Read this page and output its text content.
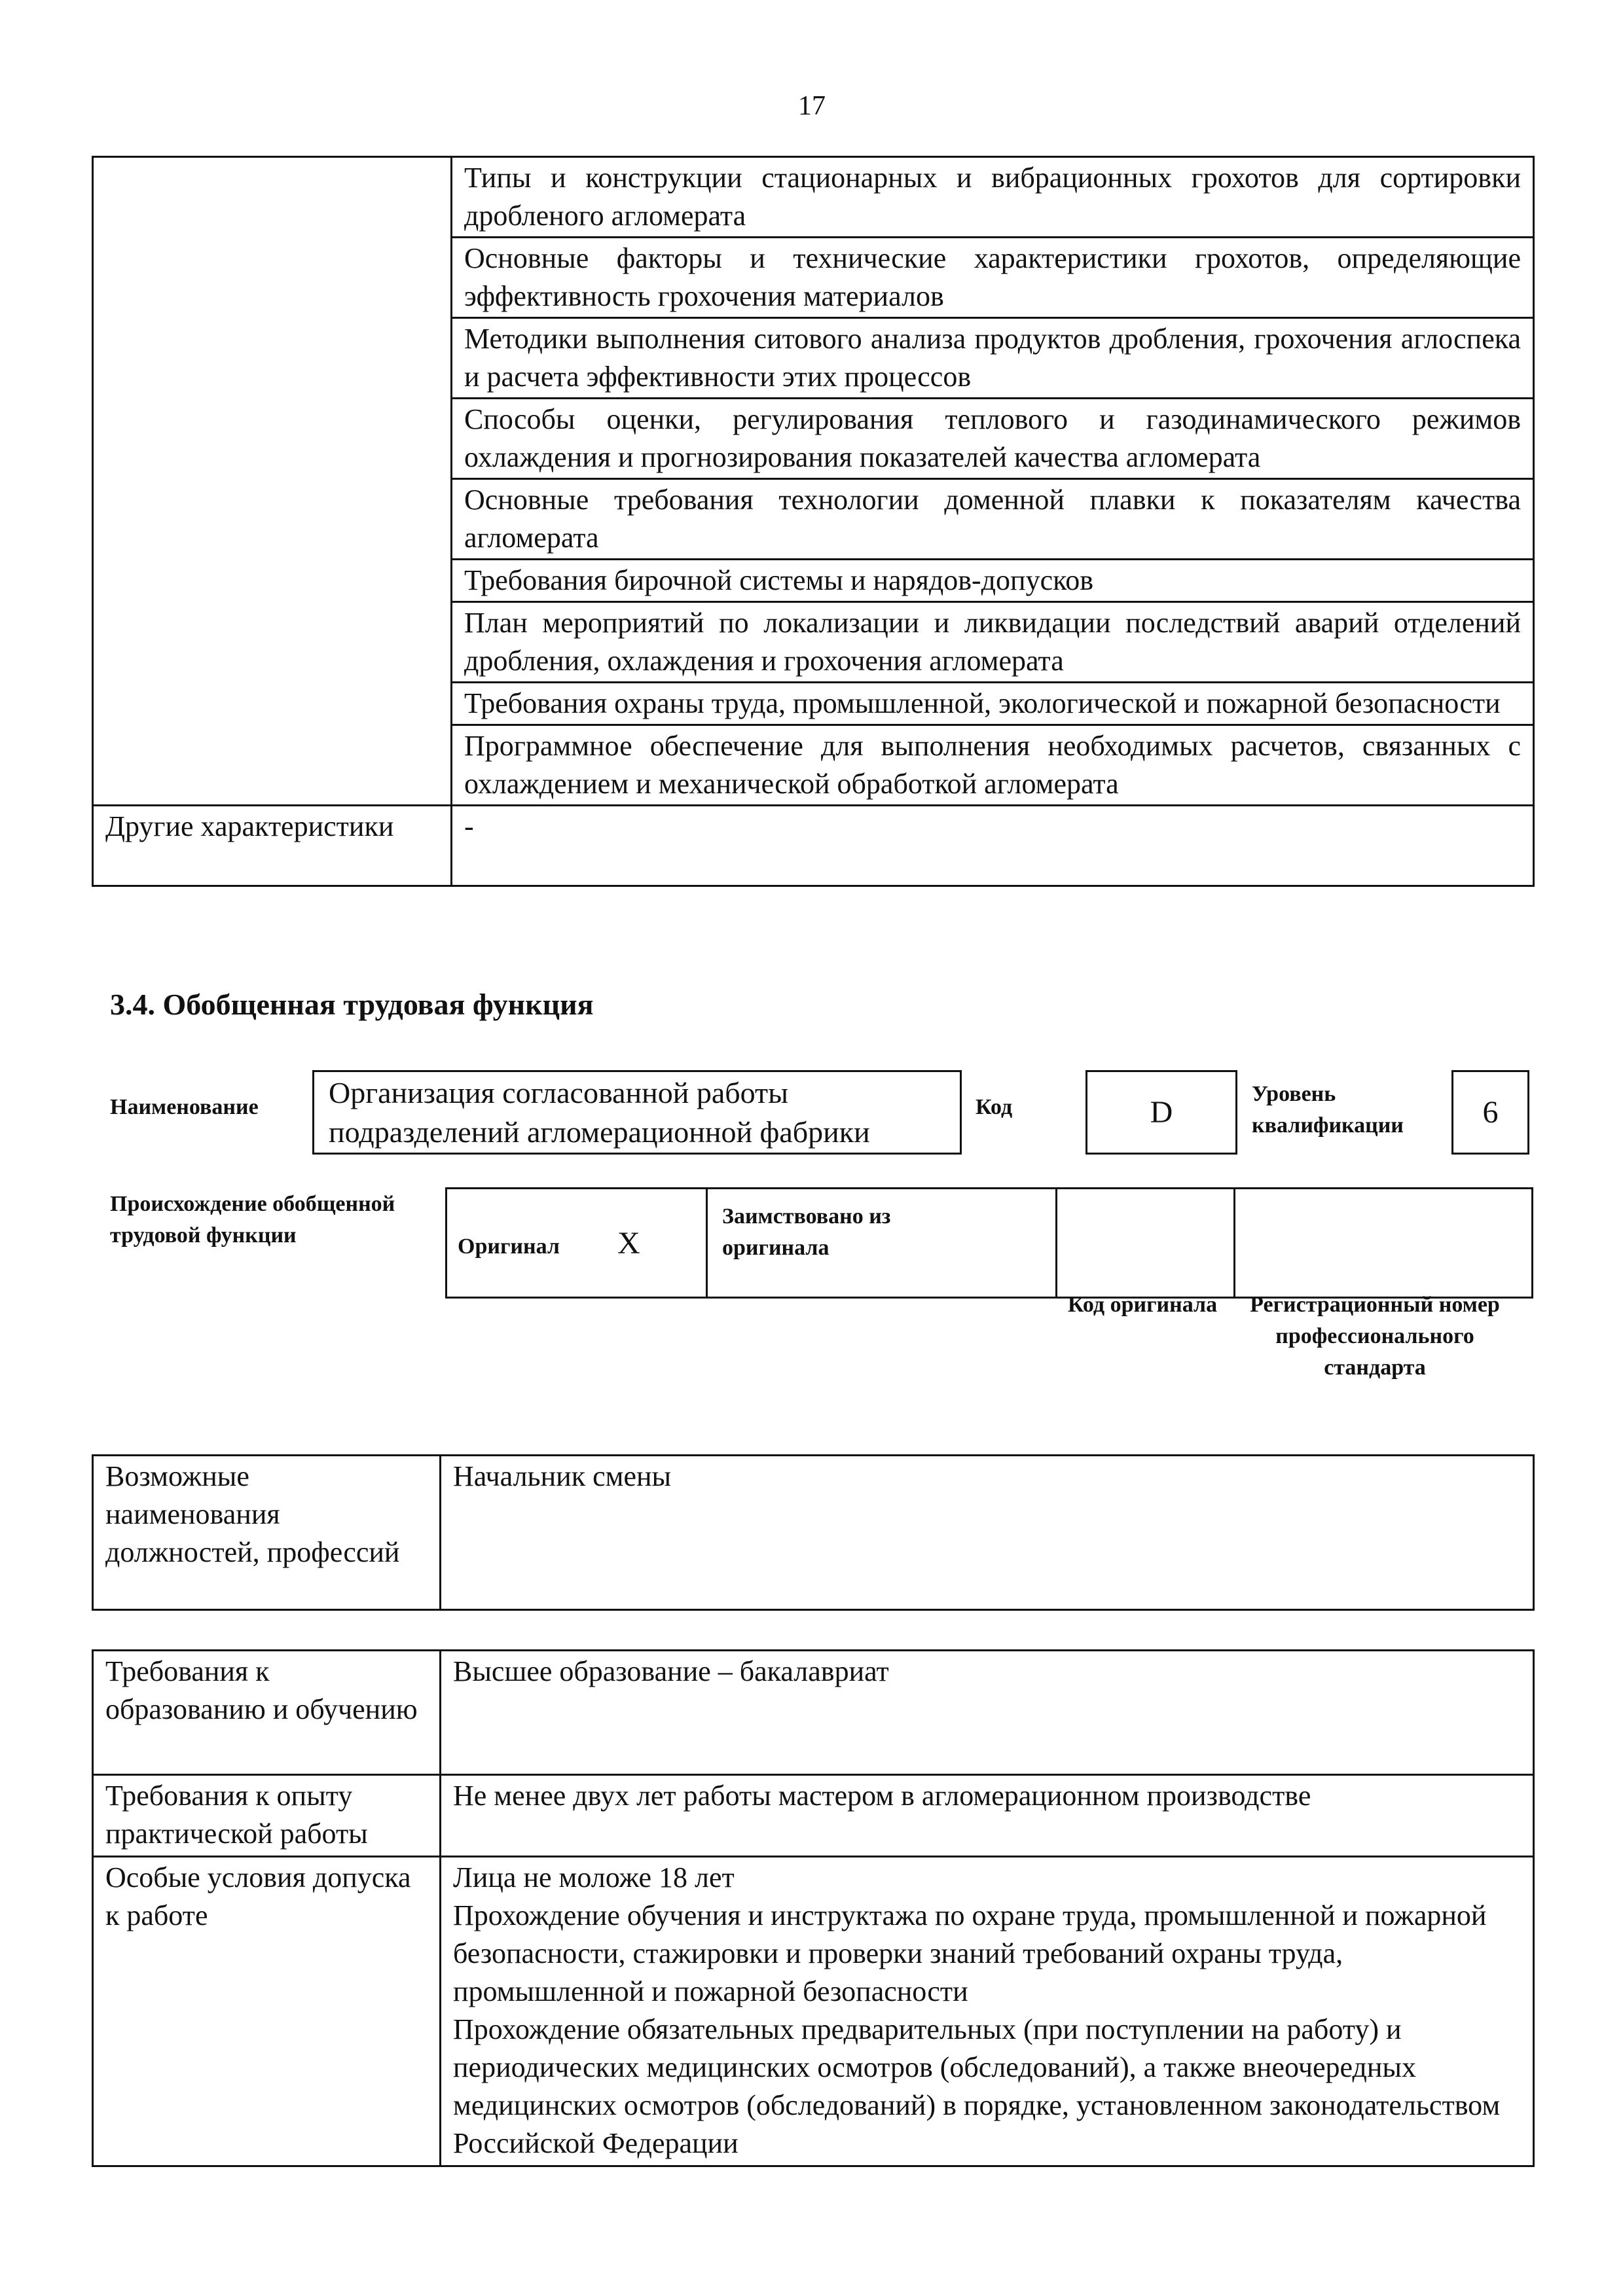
17
	Типы и конструкции стационарных и вибрационных грохотов для сортировки дробленого агломерата
	Основные факторы и технические характеристики грохотов, определяющие эффективность грохочения материалов
	Методики выполнения ситового анализа продуктов дробления, грохочения аглоспека и расчета эффективности этих процессов
	Способы оценки, регулирования теплового и газодинамического режимов охлаждения и прогнозирования показателей качества агломерата
	Основные требования технологии доменной плавки к показателям качества агломерата
	Требования бирочной системы и нарядов-допусков
	План мероприятий по локализации и ликвидации последствий аварий отделений дробления, охлаждения и грохочения агломерата
	Требования охраны труда, промышленной, экологической и пожарной безопасности
	Программное обеспечение для выполнения необходимых расчетов, связанных с охлаждением и механической обработкой агломерата
Другие характеристики	-
3.4. Обобщенная трудовая функция
Наименование	Организация согласованной работы подразделений агломерационной фабрики
Код	D
Уровень квалификации	6
Происхождение обобщенной трудовой функции	Оригинал X	Заимствовано из оригинала		
Код оригинала	Регистрационный номер профессионального стандарта
Возможные наименования должностей, профессий	Начальник смены
Требования к образованию и обучению	Высшее образование – бакалавриат
Требования к опыту практической работы	Не менее двух лет работы мастером в агломерационном производстве
Особые условия допуска к работе	Лица не моложе 18 лет
Прохождение обучения и инструктажа по охране труда, промышленной и пожарной безопасности, стажировки и проверки знаний требований охраны труда, промышленной и пожарной безопасности
Прохождение обязательных предварительных (при поступлении на работу) и периодических медицинских осмотров (обследований), а также внеочередных медицинских осмотров (обследований) в порядке, установленном законодательством Российской Федерации
